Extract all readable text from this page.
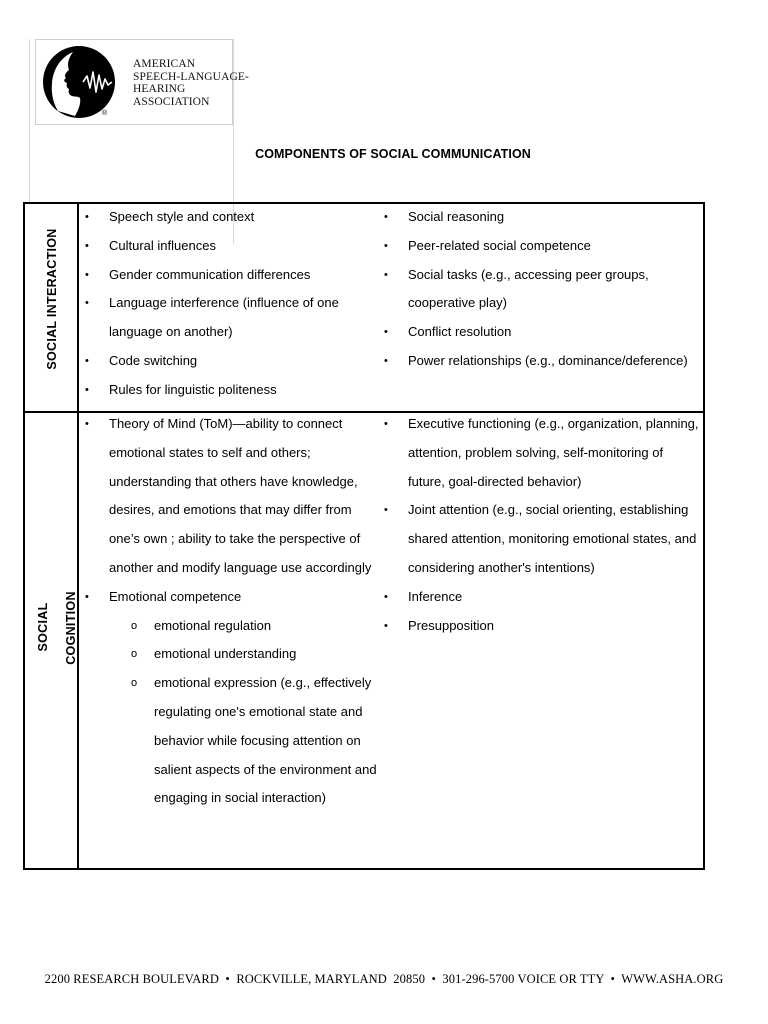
AMERICAN
SPEECH-LANGUAGE-
HEARING
ASSOCIATION
®
COMPONENTS OF SOCIAL COMMUNICATION
SOCIAL INTERACTION
• Speech style and context
• Cultural influences
• Gender communication differences
• Language interference (influence of one language on another)
• Code switching
• Rules for linguistic politeness
• Social reasoning
• Peer-related social competence
• Social tasks (e.g., accessing peer groups, cooperative play)
• Conflict resolution
• Power relationships (e.g., dominance/deference)
SOCIAL COGNITION
• Theory of Mind (ToM)—ability to connect emotional states to self and others; understanding that others have knowledge, desires, and emotions that may differ from one’s own ; ability to take the perspective of another and modify language use accordingly
• Emotional competence
o emotional regulation
o emotional understanding
o emotional expression (e.g., effectively regulating one's emotional state and behavior while focusing attention on salient aspects of the environment and engaging in social interaction)
• Executive functioning (e.g., organization, planning, attention, problem solving, self-monitoring of future, goal-directed behavior)
• Joint attention (e.g., social orienting, establishing shared attention, monitoring emotional states, and considering another's intentions)
• Inference
• Presupposition
2200 RESEARCH BOULEVARD  •  ROCKVILLE, MARYLAND  20850  •  301-296-5700 VOICE OR TTY  •  WWW.ASHA.ORG
